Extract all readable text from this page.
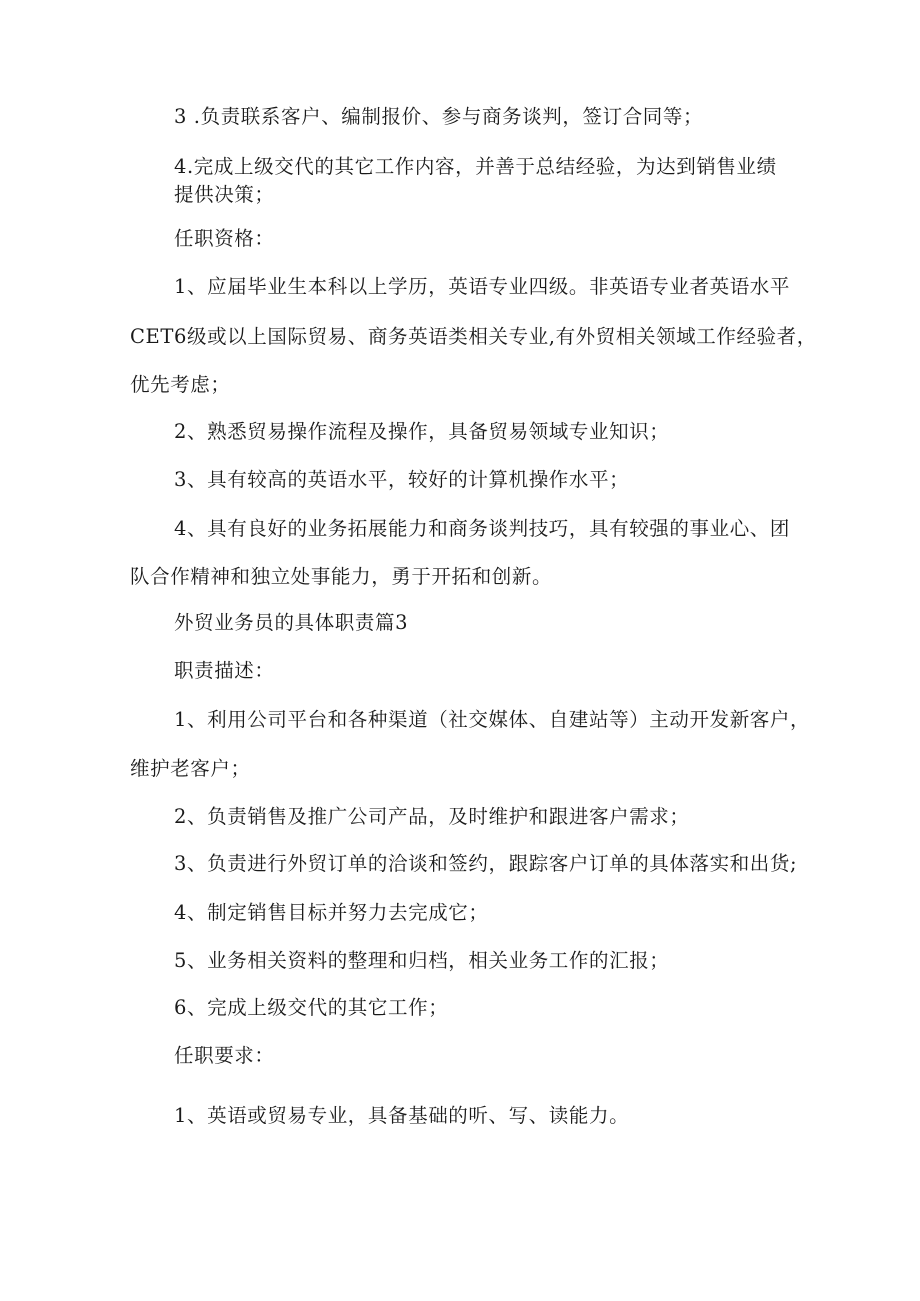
3 .负责联系客户、编制报价、参与商务谈判，签订合同等；

4.完成上级交代的其它工作内容，并善于总结经验，为达到销售业绩

提供决策；

任职资格：

1、应届毕业生本科以上学历，英语专业四级。非英语专业者英语水平

CET6级或以上国际贸易、商务英语类相关专业,有外贸相关领域工作经验者，

优先考虑；

2、熟悉贸易操作流程及操作，具备贸易领域专业知识；

3、具有较高的英语水平，较好的计算机操作水平；

4、具有良好的业务拓展能力和商务谈判技巧，具有较强的事业心、团

队合作精神和独立处事能力，勇于开拓和创新。

外贸业务员的具体职责篇3

职责描述：

1、利用公司平台和各种渠道（社交媒体、自建站等）主动开发新客户，

维护老客户；

2、负责销售及推广公司产品，及时维护和跟进客户需求；

3、负责进行外贸订单的洽谈和签约，跟踪客户订单的具体落实和出货;

4、制定销售目标并努力去完成它；

5、业务相关资料的整理和归档，相关业务工作的汇报；

6、完成上级交代的其它工作；

任职要求：

1、英语或贸易专业，具备基础的听、写、读能力。
